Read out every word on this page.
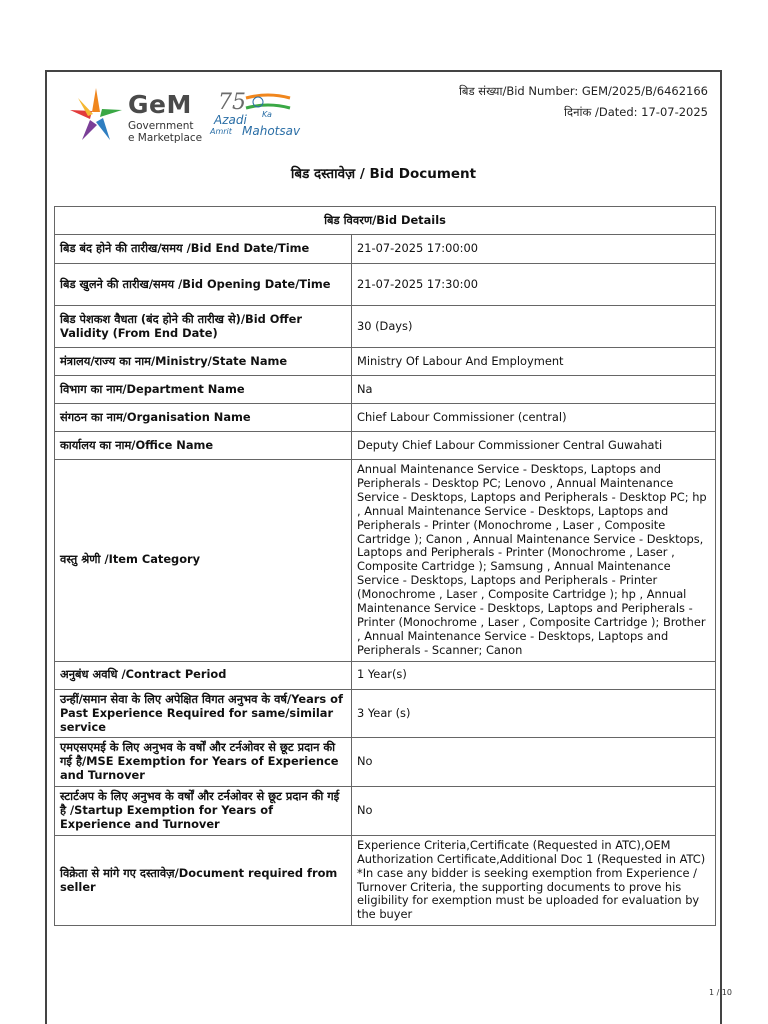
GeM
Government
e Marketplace
75
Azadi Ka
Amrit Mahotsav
बिड संख्या/Bid Number: GEM/2025/B/6462166
दिनांक /Dated: 17-07-2025
बिड दस्तावेज़ / Bid Document
बिड विवरण/Bid Details	
बिड बंद होने की तारीख/समय /Bid End Date/Time	21-07-2025 17:00:00
बिड खुलने की तारीख/समय /Bid Opening Date/Time	21-07-2025 17:30:00
बिड पेशकश वैधता (बंद होने की तारीख से)/Bid Offer Validity (From End Date)	30 (Days)
मंत्रालय/राज्य का नाम/Ministry/State Name	Ministry Of Labour And Employment
विभाग का नाम/Department Name	Na
संगठन का नाम/Organisation Name	Chief Labour Commissioner (central)
कार्यालय का नाम/Office Name	Deputy Chief Labour Commissioner Central Guwahati
वस्तु श्रेणी /Item Category	Annual Maintenance Service - Desktops, Laptops and Peripherals - Desktop PC; Lenovo , Annual Maintenance Service - Desktops, Laptops and Peripherals - Desktop PC; hp , Annual Maintenance Service - Desktops, Laptops and Peripherals - Printer (Monochrome , Laser , Composite Cartridge ); Canon , Annual Maintenance Service - Desktops, Laptops and Peripherals - Printer (Monochrome , Laser , Composite Cartridge ); Samsung , Annual Maintenance Service - Desktops, Laptops and Peripherals - Printer (Monochrome , Laser , Composite Cartridge ); hp , Annual Maintenance Service - Desktops, Laptops and Peripherals - Printer (Monochrome , Laser , Composite Cartridge ); Brother , Annual Maintenance Service - Desktops, Laptops and Peripherals - Scanner; Canon
अनुबंध अवधि /Contract Period	1 Year(s)
उन्हीं/समान सेवा के लिए अपेक्षित विगत अनुभव के वर्ष/Years of Past Experience Required for same/similar service	3 Year (s)
एमएसएमई के लिए अनुभव के वर्षों और टर्नओवर से छूट प्रदान की गई है/MSE Exemption for Years of Experience and Turnover	No
स्टार्टअप के लिए अनुभव के वर्षों और टर्नओवर से छूट प्रदान की गई है /Startup Exemption for Years of Experience and Turnover	No
विक्रेता से मांगे गए दस्तावेज़/Document required from seller	Experience Criteria,Certificate (Requested in ATC),OEM Authorization Certificate,Additional Doc 1 (Requested in ATC)
*In case any bidder is seeking exemption from Experience / Turnover Criteria, the supporting documents to prove his eligibility for exemption must be uploaded for evaluation by the buyer
1 / 10
